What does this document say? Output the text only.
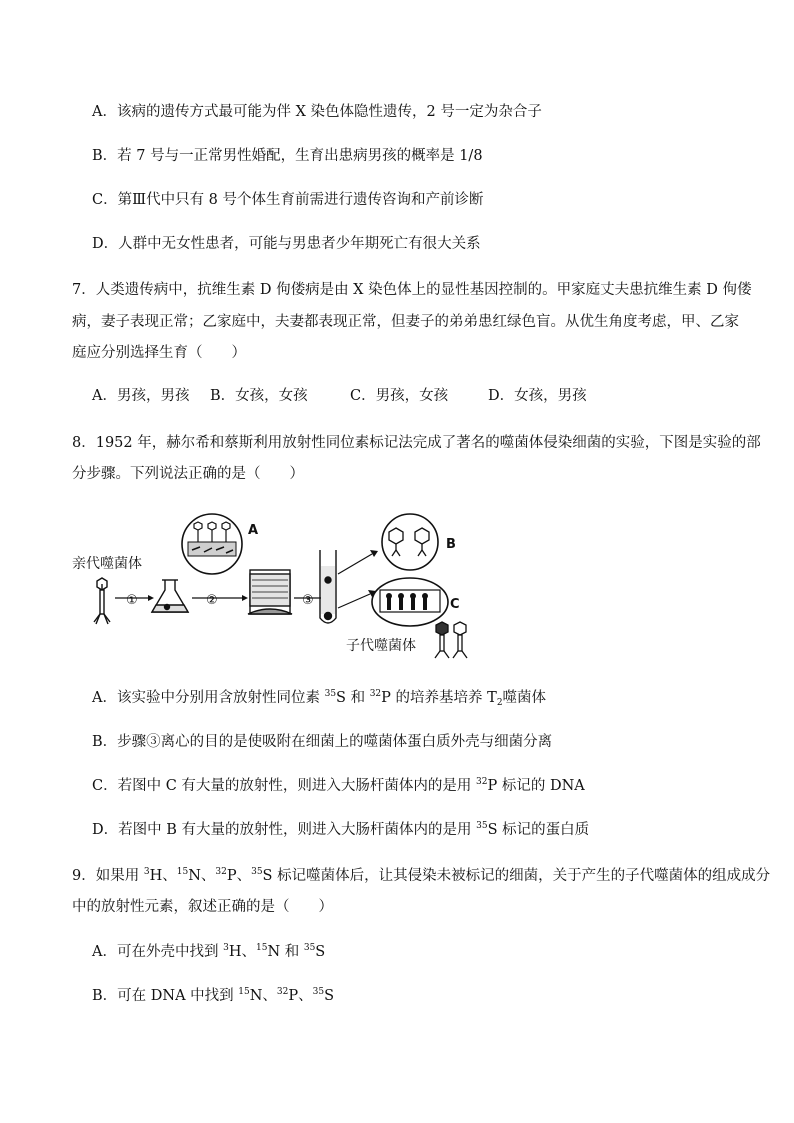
A．该病的遗传方式最可能为伴 X 染色体隐性遗传，2 号一定为杂合子
B．若 7 号与一正常男性婚配，生育出患病男孩的概率是 1/8
C．第Ⅲ代中只有 8 号个体生育前需进行遗传咨询和产前诊断
D．人群中无女性患者，可能与男患者少年期死亡有很大关系
7．人类遗传病中，抗维生素 D 佝偻病是由 X 染色体上的显性基因控制的。甲家庭丈夫患抗维生素 D 佝偻
病，妻子表现正常；乙家庭中，夫妻都表现正常，但妻子的弟弟患红绿色盲。从优生角度考虑，甲、乙家
庭应分别选择生育（　　）
A．男孩，男孩 B．女孩，女孩	C．男孩，女孩	D．女孩，男孩
8．1952 年，赫尔希和蔡斯利用放射性同位素标记法完成了著名的噬菌体侵染细菌的实验，下图是实验的部
分步骤。下列说法正确的是（　　）
亲代噬菌体
①	②
A
③
B
C
子代噬菌体
A．该实验中分别用含放射性同位素 $^{35}$S 和 $^{32}$P 的培养基培养 $T_2$噬菌体
B．步骤③离心的目的是使吸附在细菌上的噬菌体蛋白质外壳与细菌分离
C．若图中 C 有大量的放射性，则进入大肠杆菌体内的是用 $^{32}$P 标记的 DNA
D．若图中 B 有大量的放射性，则进入大肠杆菌体内的是用 $^{35}$S 标记的蛋白质
9．如果用 $^3$H、$^{15}$N、$^{32}$P、$^{35}$S 标记噬菌体后，让其侵染未被标记的细菌，关于产生的子代噬菌体的组成成分
中的放射性元素，叙述正确的是（　　）
A．可在外壳中找到 $^3$H、$^{15}$N 和 $^{35}$S
B．可在 DNA 中找到 $^{15}$N、$^{32}$P、$^{35}$S
